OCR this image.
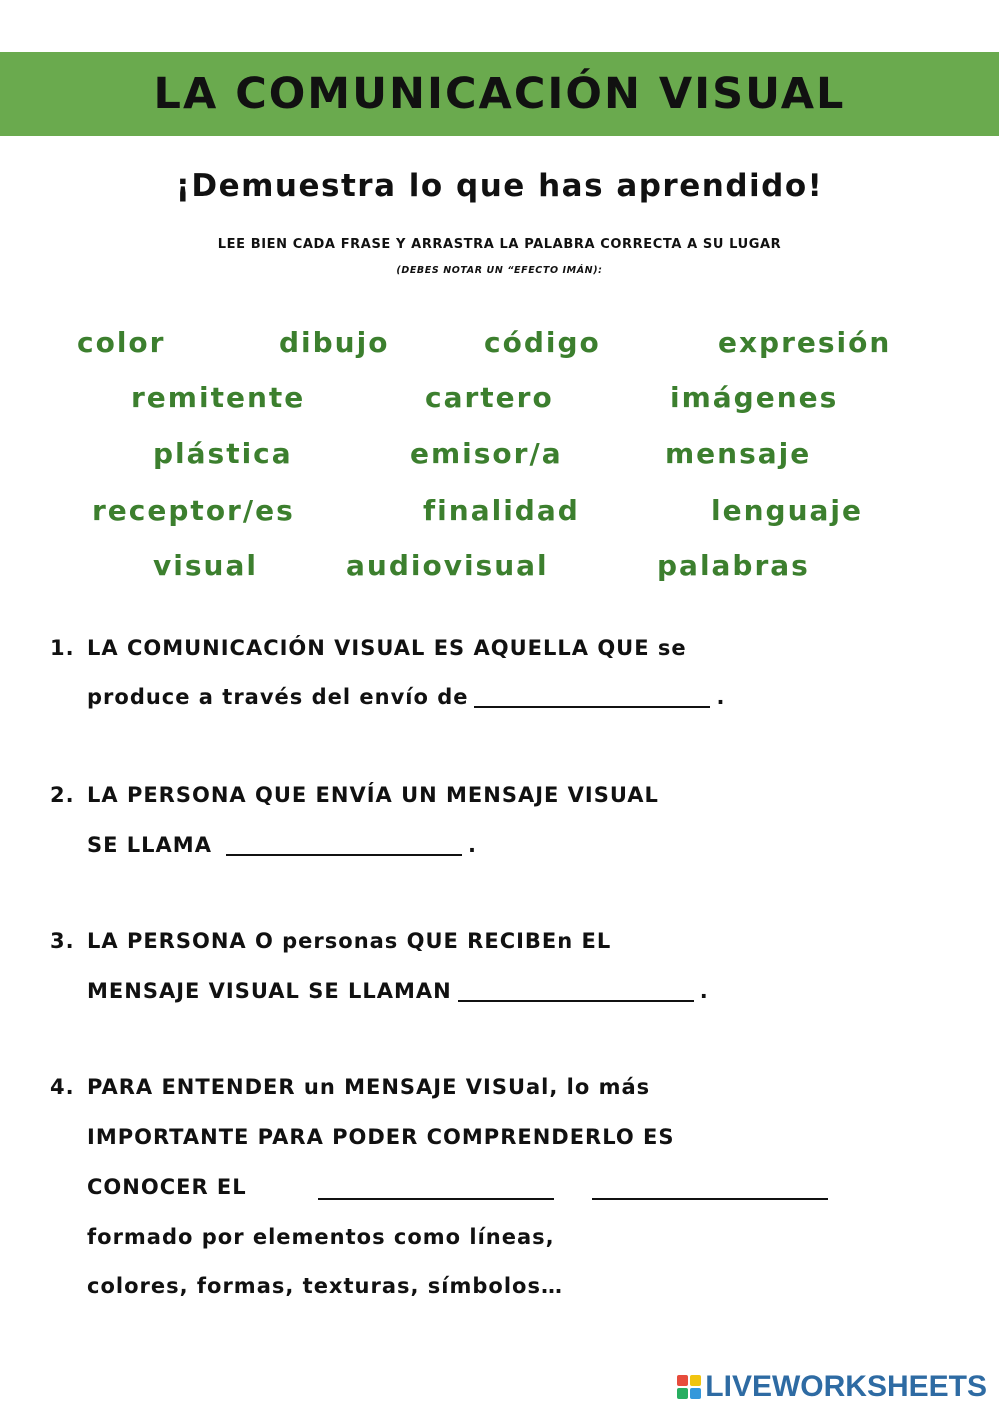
LA COMUNICACIÓN VISUAL
¡Demuestra lo que has aprendido!
LEE BIEN CADA FRASE Y ARRASTRA LA PALABRA CORRECTA A SU LUGAR
(DEBES NOTAR UN “EFECTO IMÁN):
color	dibujo	código	expresión
remitente	cartero	imágenes
plástica	emisor/a	mensaje
receptor/es	finalidad	lenguaje
visual	audiovisual	palabras
1. LA COMUNICACIÓN VISUAL ES AQUELLA QUE se
produce a través del envío de	.
2. LA PERSONA QUE ENVÍA UN MENSAJE VISUAL
SE LLAMA	.
3. LA PERSONA O personas QUE RECIBEn EL
MENSAJE VISUAL SE LLAMAN	.
4. PARA ENTENDER un MENSAJE VISUal, lo más
IMPORTANTE PARA PODER COMPRENDERLO ES
CONOCER EL
formado por elementos como líneas,
colores, formas, texturas, símbolos…
LIVEWORKSHEETS
